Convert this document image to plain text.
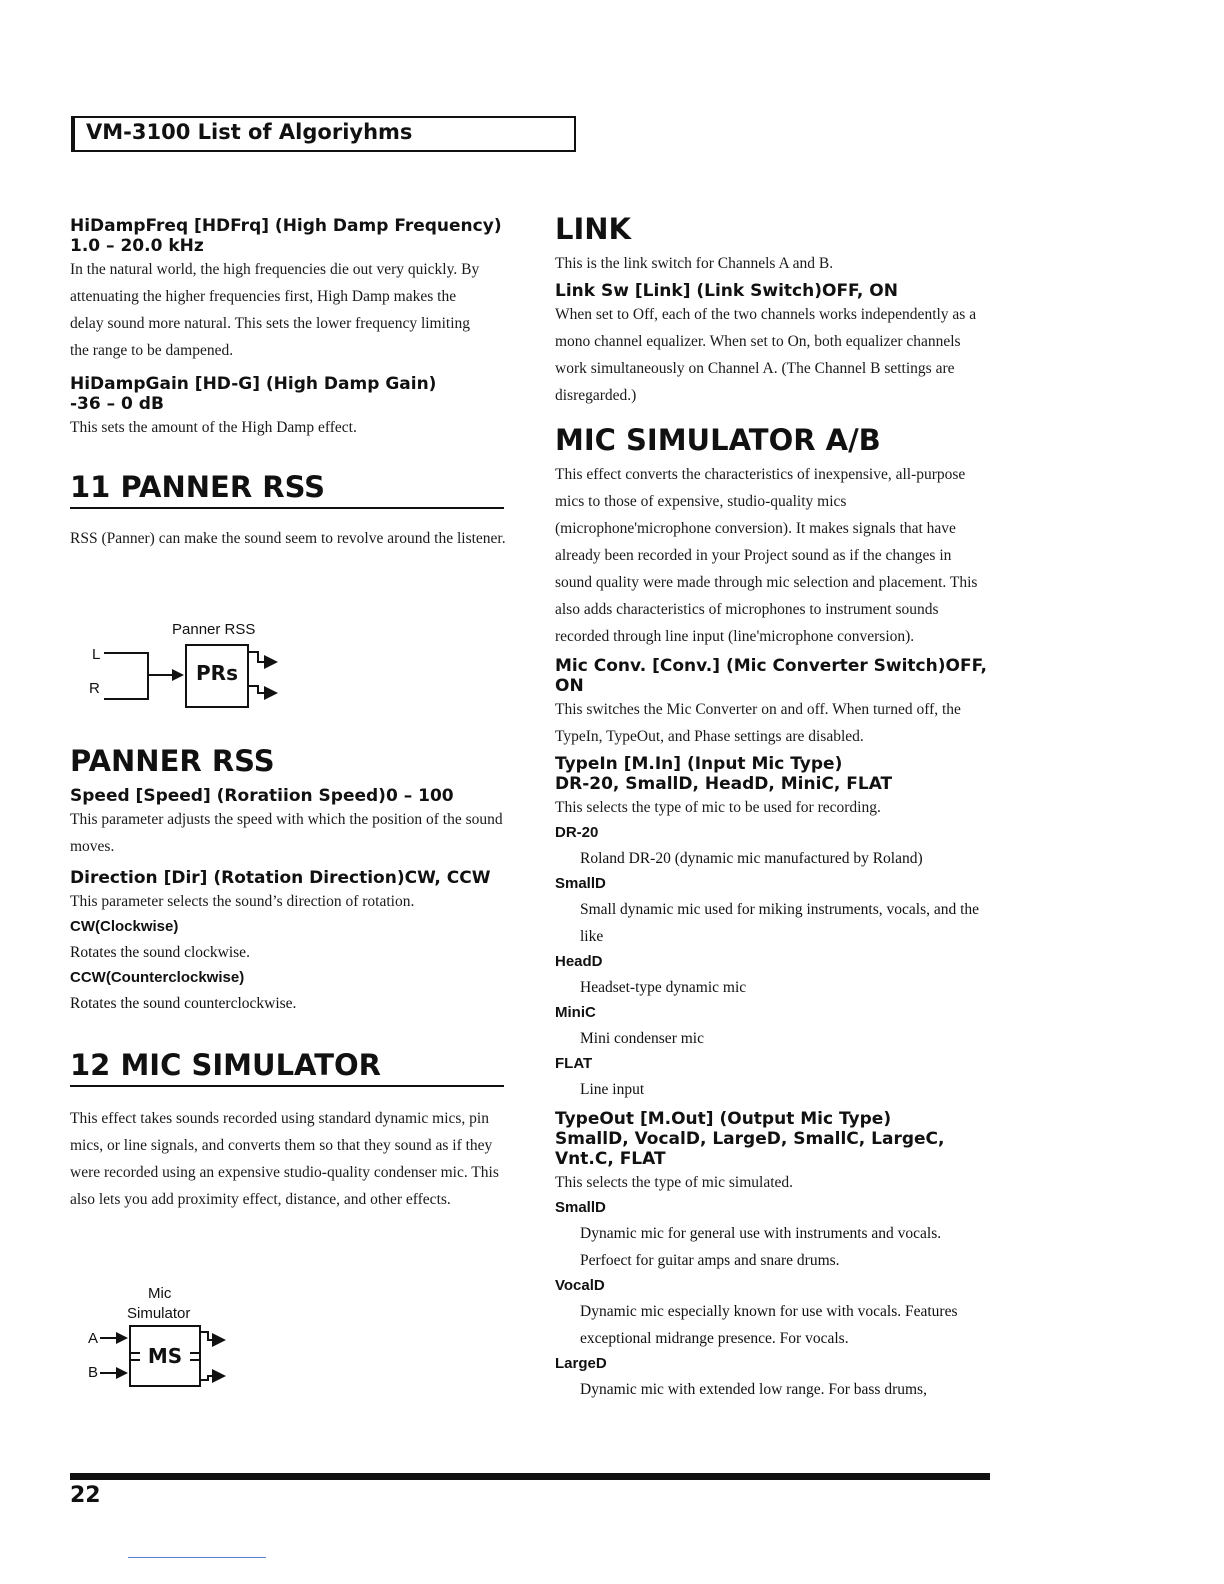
VM-3100 List of Algoriyhms

HiDampFreq [HDFrq] (High Damp Frequency)

1.0 – 20.0 kHz

In the natural world, the high frequencies die out very quickly. By attenuating the higher frequencies first, High Damp makes the delay sound more natural. This sets the lower frequency limiting the range to be dampened.

HiDampGain [HD-G] (High Damp Gain)

-36 – 0 dB

This sets the amount of the High Damp effect.

11 PANNER RSS

RSS (Panner) can make the sound seem to revolve around the listener.

Panner RSS
L
R
PRs

PANNER RSS

Speed [Speed] (Roratiion Speed)0 – 100

This parameter adjusts the speed with which the position of the sound moves.

Direction [Dir] (Rotation Direction)CW, CCW

This parameter selects the sound’s direction of rotation.

CW(Clockwise)

Rotates the sound clockwise.

CCW(Counterclockwise)

Rotates the sound counterclockwise.

12 MIC SIMULATOR

This effect takes sounds recorded using standard dynamic mics, pin mics, or line signals, and converts them so that they sound as if they were recorded using an expensive studio-quality condenser mic. This also lets you add proximity effect, distance, and other effects.

Mic
Simulator
A
B
MS

LINK

This is the link switch for Channels A and B.

Link Sw [Link] (Link Switch)OFF, ON

When set to Off, each of the two channels works independently as a mono channel equalizer. When set to On, both equalizer channels work simultaneously on Channel A. (The Channel B settings are disregarded.)

MIC SIMULATOR A/B

This effect converts the characteristics of inexpensive, all-purpose mics to those of expensive, studio-quality mics (microphone'microphone conversion). It makes signals that have already been recorded in your Project sound as if the changes in sound quality were made through mic selection and placement. This also adds characteristics of microphones to instrument sounds recorded through line input (line'microphone conversion).

Mic Conv. [Conv.] (Mic Converter Switch)OFF, ON

This switches the Mic Converter on and off. When turned off, the TypeIn, TypeOut, and Phase settings are disabled.

TypeIn [M.In] (Input Mic Type)

DR-20, SmallD, HeadD, MiniC, FLAT

This selects the type of mic to be used for recording.

DR-20

Roland DR-20 (dynamic mic manufactured by Roland)

SmallD

Small dynamic mic used for miking instruments, vocals, and the like

HeadD

Headset-type dynamic mic

MiniC

Mini condenser mic

FLAT

Line input

TypeOut [M.Out] (Output Mic Type)

SmallD, VocalD, LargeD, SmallC, LargeC,

Vnt.C, FLAT

This selects the type of mic simulated.

SmallD

Dynamic mic for general use with instruments and vocals. Perfoect for guitar amps and snare drums.

VocalD

Dynamic mic especially known for use with vocals. Features exceptional midrange presence. For vocals.

LargeD

Dynamic mic with extended low range. For bass drums,

22
